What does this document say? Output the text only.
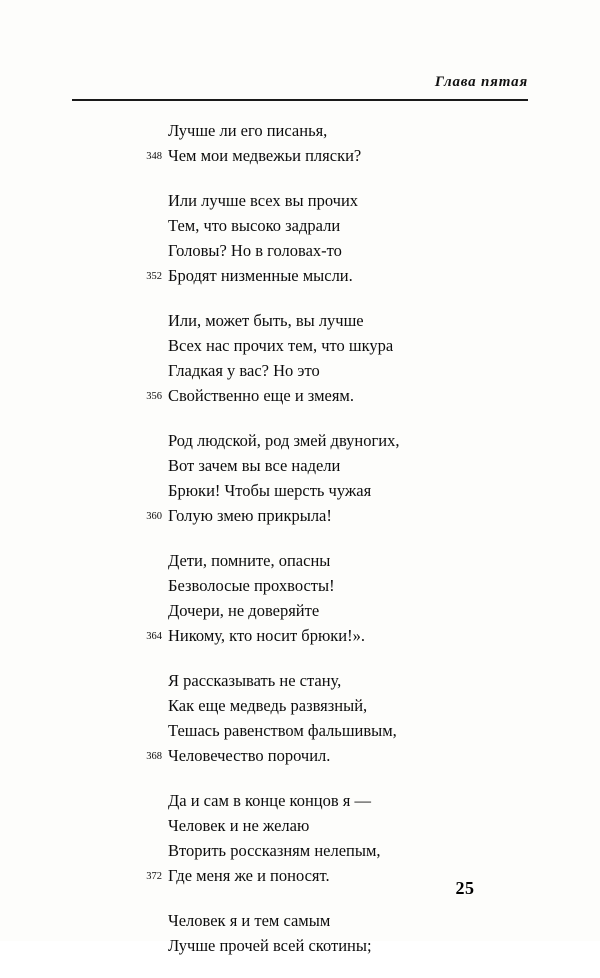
Глава пятая
Лучше ли его писанья,
348 Чем мои медвежьи пляски?
Или лучше всех вы прочих
Тем, что высоко задрали
Головы? Но в головах-то
352 Бродят низменные мысли.
Или, может быть, вы лучше
Всех нас прочих тем, что шкура
Гладкая у вас? Но это
356 Свойственно еще и змеям.
Род людской, род змей двуногих,
Вот зачем вы все надели
Брюки! Чтобы шерсть чужая
360 Голую змею прикрыла!
Дети, помните, опасны
Безволосые прохвосты!
Дочери, не доверяйте
364 Никому, кто носит брюки!».
Я рассказывать не стану,
Как еще медведь развязный,
Тешась равенством фальшивым,
368 Человечество порочил.
Да и сам в конце концов я —
Человек и не желаю
Вторить россказням нелепым,
372 Где меня же и поносят.
Человек я и тем самым
Лучше прочей всей скотины;
25
